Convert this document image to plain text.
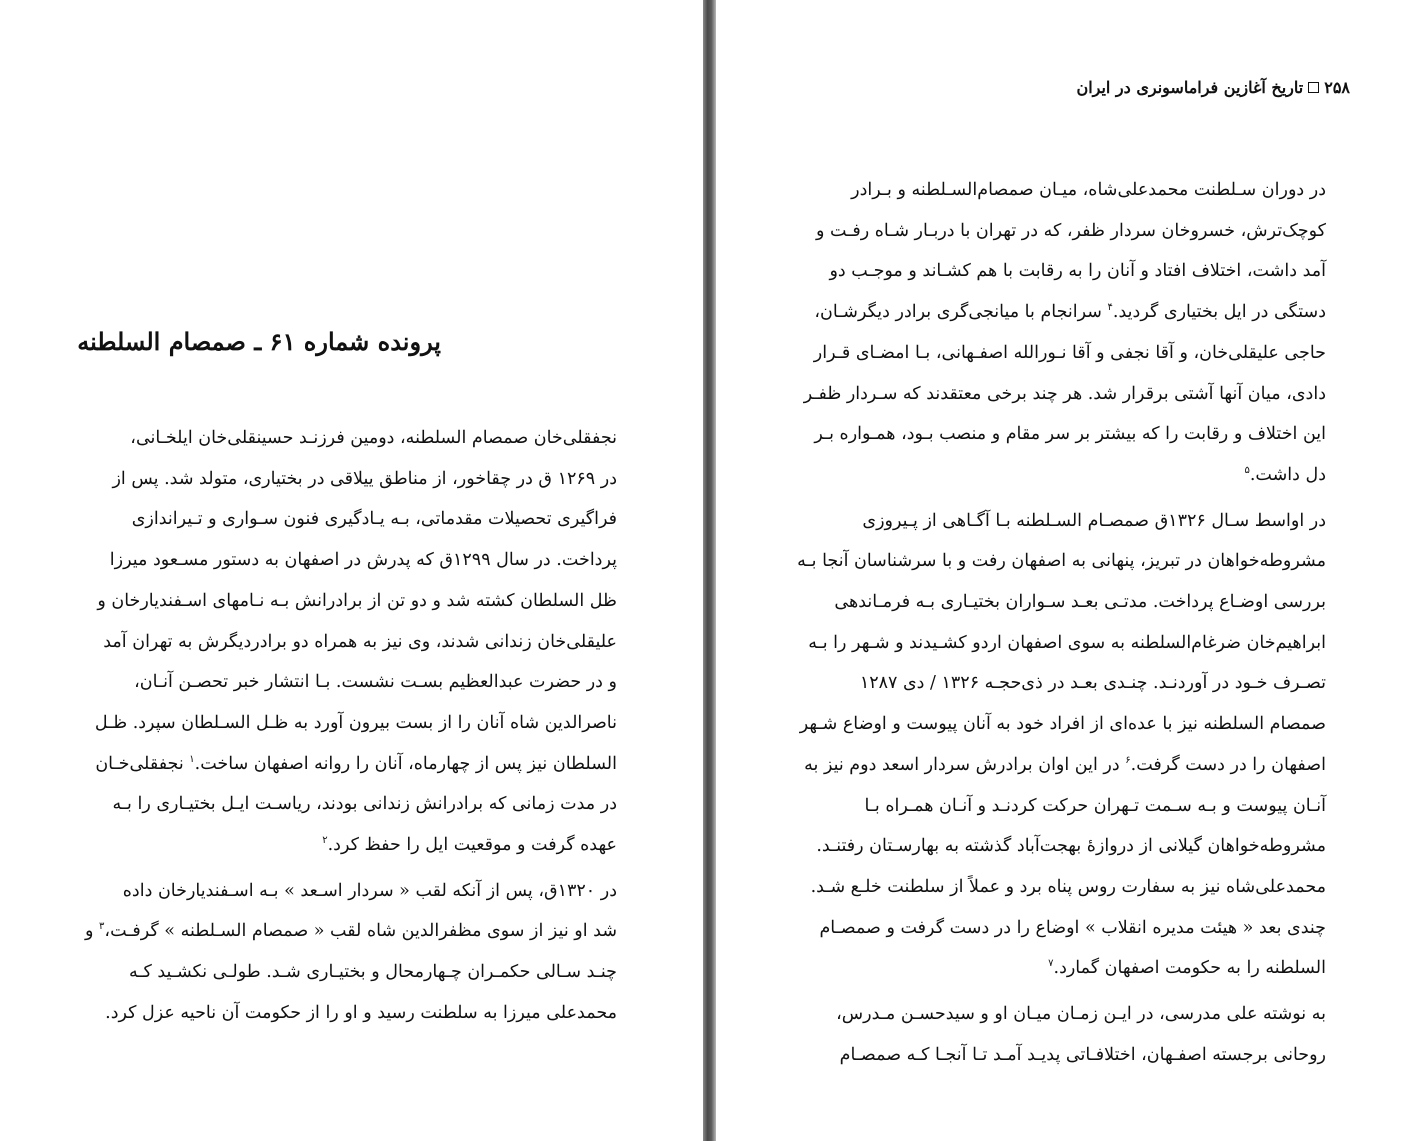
پرونده شماره ۶۱ ـ صمصام السلطنه

نجفقلی‌خان صمصام السلطنه، دومین فرزنـد حسینقلی‌خان ایلخـانی،
در ۱۲۶۹ ق در چقاخور، از مناطق ییلاقی در بختیاری، متولد شد. پس از
فراگیری تحصیلات مقدماتی، بـه یـادگیری فنون سـواری و تـیراندازی
پرداخت. در سال ۱۲۹۹ق که پدرش در اصفهان به دستور مسـعود میرزا
ظل السلطان کشته شد و دو تن از برادرانش بـه نـامهای اسـفندیارخان و
علیقلی‌خان زندانی شدند، وی نیز به همراه دو برادردیگرش به تهران آمد
و در حضرت عبدالعظیم بسـت نشست. بـا انتشار خبر تحصـن آنـان،
ناصرالدین شاه آنان را از بست بیرون آورد به ظـل السـلطان سپرد. ظـل
السلطان نیز پس از چهارماه، آنان را روانه اصفهان ساخت.$^۱$ نجفقلی‌خـان
در مدت زمانی که برادرانش زندانی بودند، ریاسـت ایـل بختیـاری را بـه
عهده گرفت و موقعیت ایل را حفظ کرد.$^۲$

در ۱۳۲۰ق، پس از آنکه لقب « سردار اسـعد » بـه اسـفندیارخان داده
شد او نیز از سوی مظفرالدین شاه لقب « صمصام السـلطنه » گرفـت،$^۳$ و
چنـد سـالی حکمـران چـهارمحال و بختیـاری شـد. طولـی نکشـید کـه
محمدعلی میرزا به سلطنت رسید و او را از حکومت آن ناحیه عزل کرد.

۲۵۸تاریخ آغازین فراماسونری در ایران

در دوران سـلطنت محمدعلی‌شاه، میـان صمصام‌السـلطنه و بـرادر
کوچک‌ترش، خسروخان سردار ظفر، که در تهران با دربـار شـاه رفـت و
آمد داشت، اختلاف افتاد و آنان را به رقابت با هم کشـاند و موجـب دو
دستگی در ایل بختیاری گردید.$^۴$ سرانجام با میانجی‌گری برادر دیگرشـان،
حاجی علیقلی‌خان، و آقا نجفی و آقا نـورالله اصفـهانی، بـا امضـای قـرار
دادی، میان آنها آشتی برقرار شد. هر چند برخی معتقدند که سـردار ظفـر
این اختلاف و رقابت را که بیشتر بر سر مقام و منصب بـود، همـواره بـر
دل داشت.$^۵$

در اواسط سـال ۱۳۲۶ق صمصـام السـلطنه بـا آگـاهی از پـیروزی
مشروطه‌خواهان در تبریز، پنهانی به اصفهان رفت و با سرشناسان آنجا بـه
بررسی اوضـاع پرداخت. مدتـی بعـد سـواران بختیـاری بـه فرمـاندهی
ابراهیم‌خان ضرغام‌السلطنه به سوی اصفهان اردو کشـیدند و شـهر را بـه
تصـرف خـود در آوردنـد. چنـدی بعـد در ذی‌حجـه ۱۳۲۶ / دی ۱۲۸۷
صمصام السلطنه نیز با عده‌ای از افراد خود به آنان پیوست و اوضاع شـهر
اصفهان را در دست گرفت.$^۶$ در این اوان برادرش سردار اسعد دوم نیز به
آنـان پیوست و بـه سـمت تـهران حرکت کردنـد و آنـان همـراه بـا
مشروطه‌خواهان گیلانی از دروازهٔ بهجت‌آباد گذشته به بهارسـتان رفتنـد.
محمدعلی‌شاه نیز به سفارت روس پناه برد و عملاً از سلطنت خلـع شـد.
چندی بعد « هیئت مدیره انقلاب » اوضاع را در دست گرفت و صمصـام
السلطنه را به حکومت اصفهان گمارد.$^۷$

به نوشته علی مدرسی، در ایـن زمـان میـان او و سیدحسـن مـدرس،
روحانی برجسته اصفـهان، اختلافـاتی پدیـد آمـد تـا آنجـا کـه صمصـام
